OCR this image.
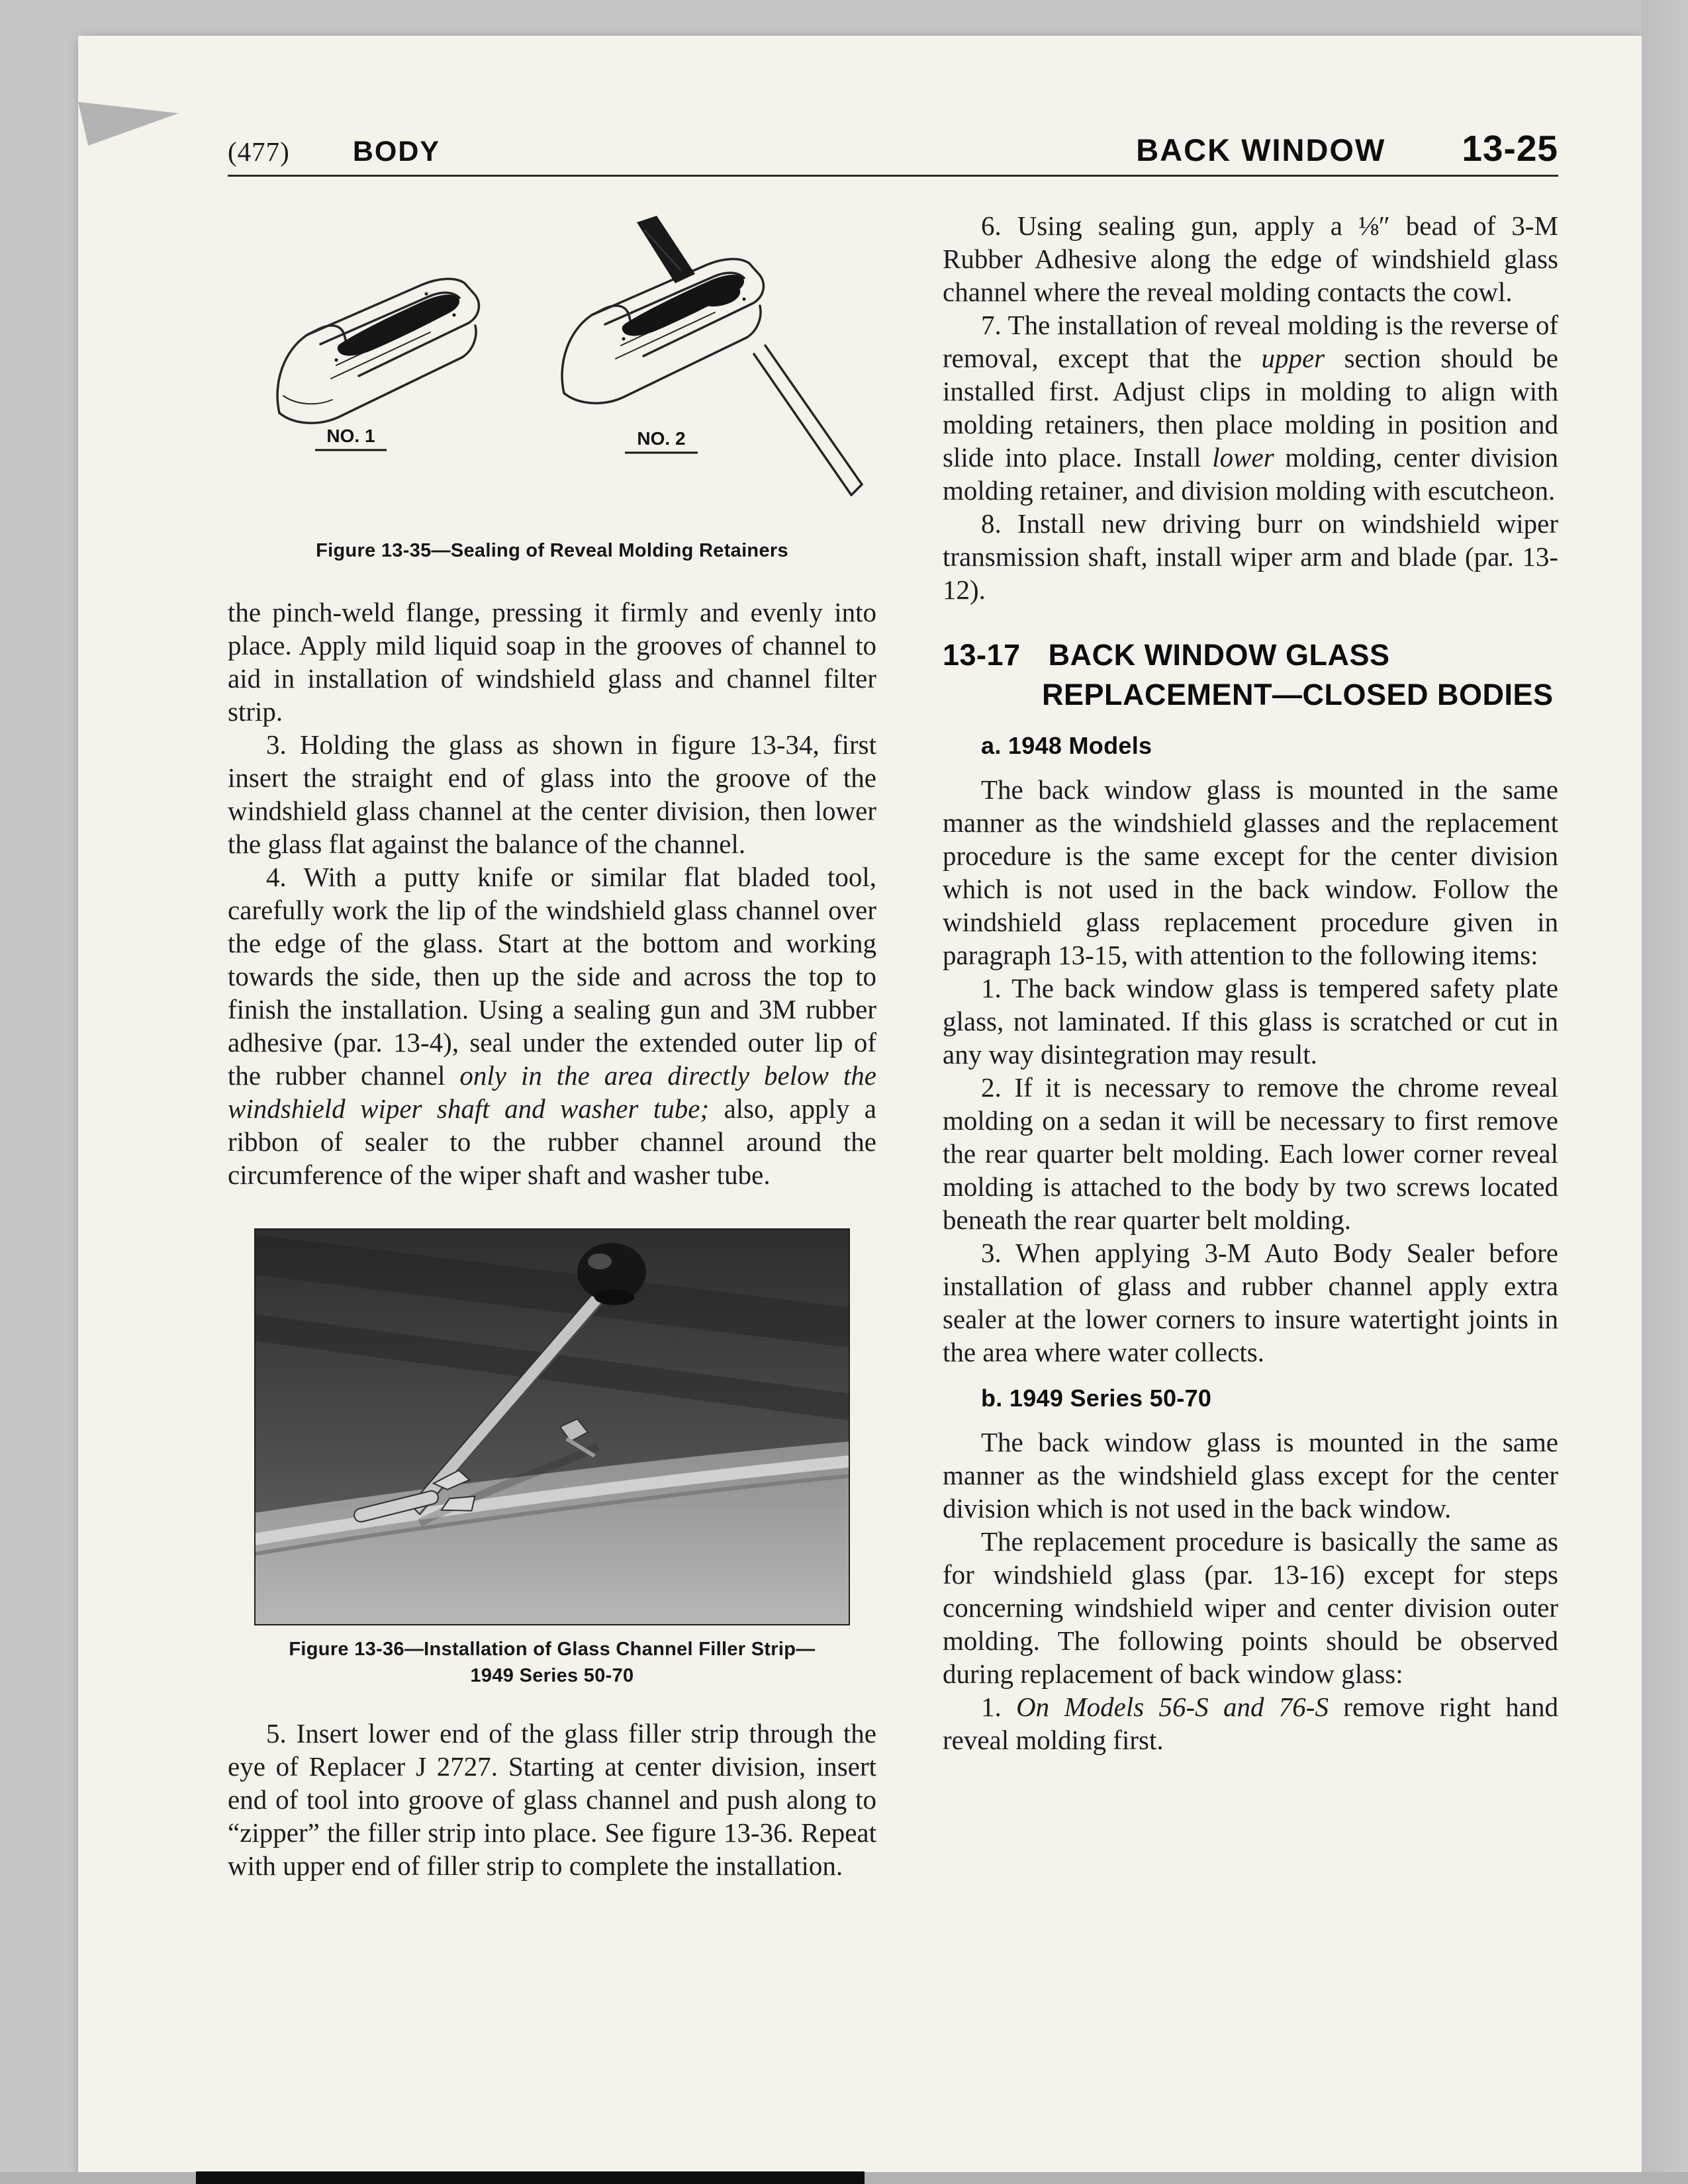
(477) BODY	BACK WINDOW 13-25
NO. 1	NO. 2
Figure 13-35—Sealing of Reveal Molding Retainers

the pinch-weld flange, pressing it firmly and evenly into place. Apply mild liquid soap in the grooves of channel to aid in installation of windshield glass and channel filter strip.

3. Holding the glass as shown in figure 13-34, first insert the straight end of glass into the groove of the windshield glass channel at the center division, then lower the glass flat against the balance of the channel.

4. With a putty knife or similar flat bladed tool, carefully work the lip of the windshield glass channel over the edge of the glass. Start at the bottom and working towards the side, then up the side and across the top to finish the installation. Using a sealing gun and 3M rubber adhesive (par. 13-4), seal under the extended outer lip of the rubber channel only in the area directly below the windshield wiper shaft and washer tube; also, apply a ribbon of sealer to the rubber channel around the circumference of the wiper shaft and washer tube.

Figure 13-36—Installation of Glass Channel Filler Strip—
1949 Series 50-70

5. Insert lower end of the glass filler strip through the eye of Replacer J 2727. Starting at center division, insert end of tool into groove of glass channel and push along to “zipper” the filler strip into place. See figure 13-36. Repeat with upper end of filler strip to complete the installation.

6. Using sealing gun, apply a ⅛″ bead of 3-M Rubber Adhesive along the edge of windshield glass channel where the reveal molding contacts the cowl.

7. The installation of reveal molding is the reverse of removal, except that the upper section should be installed first. Adjust clips in molding to align with molding retainers, then place molding in position and slide into place. Install lower molding, center division molding retainer, and division molding with escutcheon.

8. Install new driving burr on windshield wiper transmission shaft, install wiper arm and blade (par. 13-12).

13-17 BACK WINDOW GLASS
REPLACEMENT—CLOSED BODIES
a. 1948 Models

The back window glass is mounted in the same manner as the windshield glasses and the replacement procedure is the same except for the center division which is not used in the back window. Follow the windshield glass replacement procedure given in paragraph 13-15, with attention to the following items:

1. The back window glass is tempered safety plate glass, not laminated. If this glass is scratched or cut in any way disintegration may result.

2. If it is necessary to remove the chrome reveal molding on a sedan it will be necessary to first remove the rear quarter belt molding. Each lower corner reveal molding is attached to the body by two screws located beneath the rear quarter belt molding.

3. When applying 3-M Auto Body Sealer before installation of glass and rubber channel apply extra sealer at the lower corners to insure watertight joints in the area where water collects.

b. 1949 Series 50-70

The back window glass is mounted in the same manner as the windshield glass except for the center division which is not used in the back window.

The replacement procedure is basically the same as for windshield glass (par. 13-16) except for steps concerning windshield wiper and center division outer molding. The following points should be observed during replacement of back window glass:

1. On Models 56-S and 76-S remove right hand reveal molding first.
